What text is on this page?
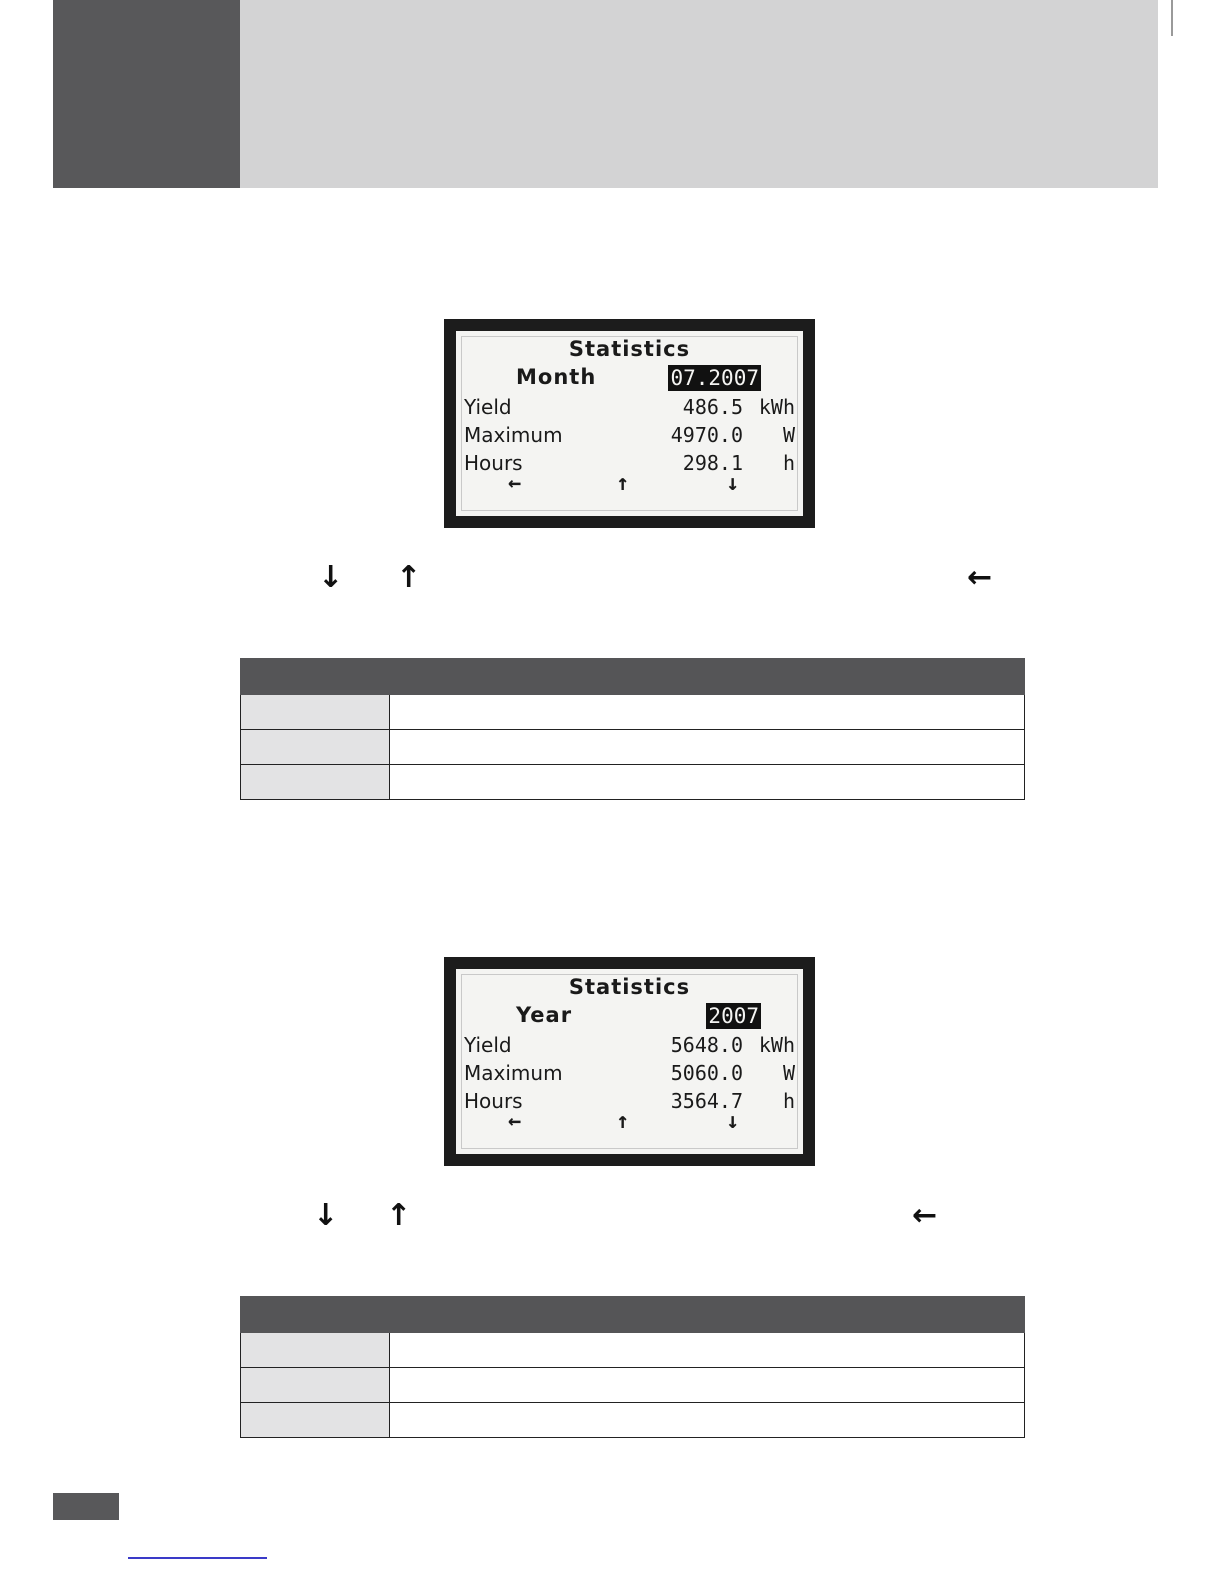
Statistics
Month	07.2007
Yield	486.5 kWh
Maximum	4970.0 W
Hours	298.1 h
←	↑	↓
↓ ↑	←

Statistics
Year	2007
Yield	5648.0 kWh
Maximum	5060.0 W
Hours	3564.7 h
←	↑	↓
↓ ↑	←
